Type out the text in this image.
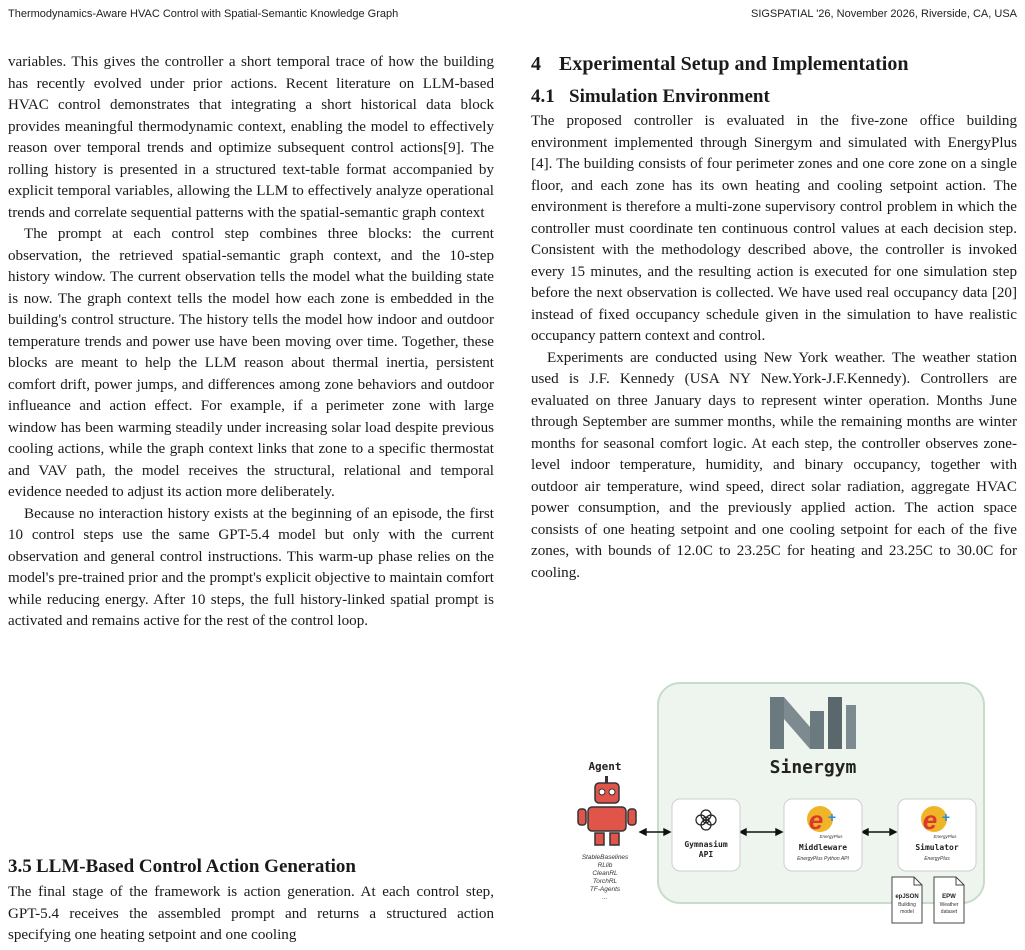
Thermodynamics-Aware HVAC Control with Spatial-Semantic Knowledge Graph	SIGSPATIAL '26, November 2026, Riverside, CA, USA

variables. This gives the controller a short temporal trace of how the building has recently evolved under prior actions. Recent literature on LLM-based HVAC control demonstrates that integrating a short historical data block provides meaningful thermodynamic context, enabling the model to effectively reason over temporal trends and optimize subsequent control actions[9]. The rolling history is presented in a structured text-table format accompanied by explicit temporal variables, allowing the LLM to effectively analyze operational trends and correlate sequential patterns with the spatial-semantic graph context

The prompt at each control step combines three blocks: the current observation, the retrieved spatial-semantic graph context, and the 10-step history window. The current observation tells the model what the building state is now. The graph context tells the model how each zone is embedded in the building's control structure. The history tells the model how indoor and outdoor temperature trends and power use have been moving over time. Together, these blocks are meant to help the LLM reason about thermal inertia, persistent comfort drift, power jumps, and differences among zone behaviors and outdoor influeance and action effect. For example, if a perimeter zone with large window has been warming steadily under increasing solar load despite previous cooling actions, while the graph context links that zone to a specific thermostat and VAV path, the model receives the structural, relational and temporal evidence needed to adjust its action more deliberately.

Because no interaction history exists at the beginning of an episode, the first 10 control steps use the same GPT-5.4 model but only with the current observation and general control instructions. This warm-up phase relies on the model's pre-trained prior and the prompt's explicit objective to maintain comfort while reducing energy. After 10 steps, the full history-linked spatial prompt is activated and remains active for the rest of the control loop.

3.5 LLM-Based Control Action Generation

The final stage of the framework is action generation. At each control step, GPT-5.4 receives the assembled prompt and returns a structured action specifying one heating setpoint and one cooling

4 Experimental Setup and Implementation
4.1 Simulation Environment

The proposed controller is evaluated in the five-zone office building environment implemented through Sinergym and simulated with EnergyPlus [4]. The building consists of four perimeter zones and one core zone on a single floor, and each zone has its own heating and cooling setpoint action. The environment is therefore a multi-zone supervisory control problem in which the controller must coordinate ten continuous control values at each decision step. Consistent with the methodology described above, the controller is invoked every 15 minutes, and the resulting action is executed for one simulation step before the next observation is collected. We have used real occupancy data [20] instead of fixed occupancy schedule given in the simulation to have realistic occupancy pattern context and control.

Experiments are conducted using New York weather. The weather station used is J.F. Kennedy (USA NY New.York-J.F.Kennedy). Controllers are evaluated on three January days to represent winter operation. Months June through September are summer months, while the remaining months are winter months for seasonal comfort logic. At each step, the controller observes zone-level indoor temperature, humidity, and binary occupancy, together with outdoor air temperature, wind speed, direct solar radiation, aggregate HVAC power consumption, and the previously applied action. The action space consists of one heating setpoint and one cooling setpoint for each of the five zones, with bounds of 12.0C to 23.25C for heating and 23.25C to 30.0C for cooling.

Sinergym
Agent
StableBaselines
RLlib
CleanRL
TorchRL
TF-Agents
...
Gymnasium
API
e +
EnergyPlus
Middleware
EnergyPlus Python API
e +
EnergyPlus
Simulator
EnergyPlus
epJSON
Building
model
EPW
Weather
dataset
